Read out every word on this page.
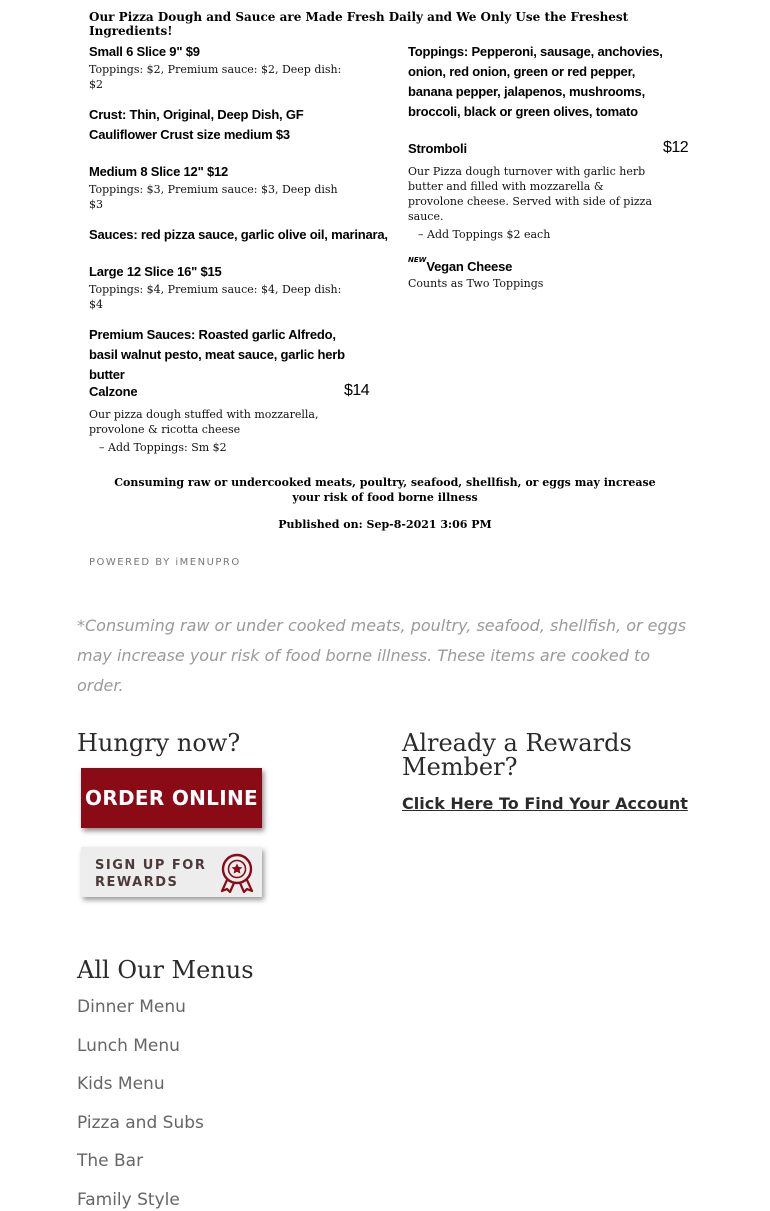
Our Pizza Dough and Sauce are Made Fresh Daily and We Only Use the Freshest Ingredients!
Small 6 Slice 9" $9
Toppings: $2, Premium sauce: $2, Deep dish: $2
Crust: Thin, Original, Deep Dish, GF Cauliflower Crust size medium $3
Medium 8 Slice 12" $12
Toppings: $3, Premium sauce: $3, Deep dish $3
Sauces: red pizza sauce, garlic olive oil, marinara,
Large 12 Slice 16" $15
Toppings: $4, Premium sauce: $4, Deep dish: $4
Premium Sauces: Roasted garlic Alfredo, basil walnut pesto, meat sauce, garlic herb butter
Calzone	$14
Our pizza dough stuffed with mozzarella, provolone & ricotta cheese
– Add Toppings: Sm $2
Toppings: Pepperoni, sausage, anchovies, onion, red onion, green or red pepper, banana pepper, jalapenos, mushrooms, broccoli, black or green olives, tomato
Stromboli	$12
Our Pizza dough turnover with garlic herb butter and filled with mozzarella & provolone cheese. Served with side of pizza sauce.
– Add Toppings $2 each
$^{NEW}$Vegan Cheese
Counts as Two Toppings
Consuming raw or undercooked meats, poultry, seafood, shellfish, or eggs may increase your risk of food borne illness
Published on: Sep-8-2021 3:06 PM
POWERED BY iMENUPRO
*Consuming raw or under cooked meats, poultry, seafood, shellfish, or eggs may increase your risk of food borne illness. These items are cooked to order.
Hungry now?
ORDER ONLINE
SIGN UP FOR REWARDS
Already a Rewards Member?
Click Here To Find Your Account
All Our Menus
Dinner Menu
Lunch Menu
Kids Menu
Pizza and Subs
The Bar
Family Style
